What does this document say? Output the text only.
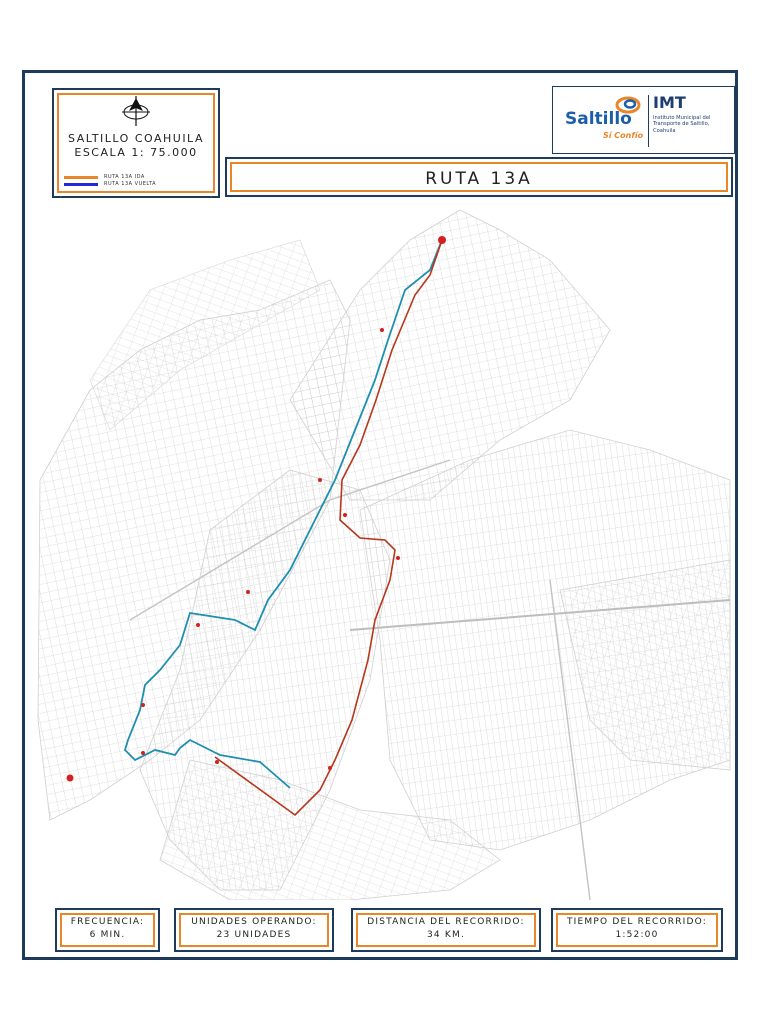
SALTILLO COAHUILA
ESCALA 1: 75.000
RUTA 13A IDA
RUTA 13A VUELTA
Saltillo
Sí Confío
IMT
Instituto Municipal del Transporte de Saltillo, Coahuila
RUTA 13A
FRECUENCIA:
6 MIN.
UNIDADES OPERANDO:
23 UNIDADES
DISTANCIA DEL RECORRIDO:
34 KM.
TIEMPO DEL RECORRIDO:
1:52:00
